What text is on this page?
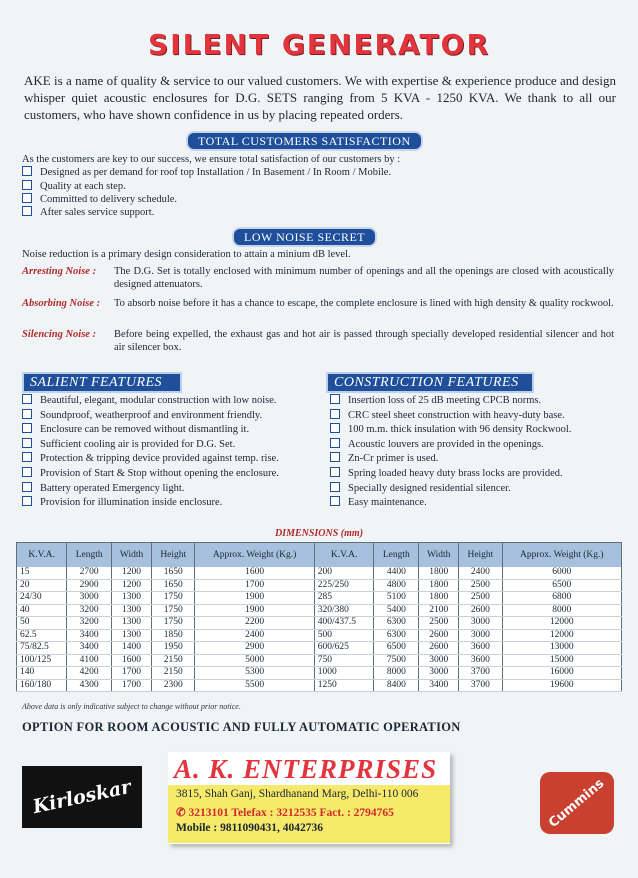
SILENT GENERATOR
AKE is a name of quality & service to our valued customers. We with expertise & experience produce and design whisper quiet acoustic enclosures for D.G. SETS ranging from 5 KVA - 1250 KVA. We thank to all our customers, who have shown confidence in us by placing repeated orders.
TOTAL CUSTOMERS SATISFACTION
As the customers are key to our success, we ensure total satisfaction of our customers by :
Designed as per demand for roof top Installation / In Basement / In Room / Mobile.
Quality at each step.
Committed to delivery schedule.
After sales service support.
LOW NOISE SECRET
Noise reduction is a primary design consideration to attain a minium dB level.
Arresting Noise : The D.G. Set is totally enclosed with minimum number of openings and all the openings are closed with acoustically designed attenuators.
Absorbing Noise : To absorb noise before it has a chance to escape, the complete enclosure is lined with high density & quality rockwool.
Silencing Noise : Before being expelled, the exhaust gas and hot air is passed through specially developed residential silencer and hot air silencer box.
SALIENT FEATURES	CONSTRUCTION FEATURES
Beautiful, elegant, modular construction with low noise.
Soundproof, weatherproof and environment friendly.
Enclosure can be removed without dismantling it.
Sufficient cooling air is provided for D.G. Set.
Protection & tripping device provided against temp. rise.
Provision of Start & Stop without opening the enclosure.
Battery operated Emergency light.
Provision for illumination inside enclosure.
Insertion loss of 25 dB meeting CPCB norms.
CRC steel sheet construction with heavy-duty base.
100 m.m. thick insulation with 96 density Rockwool.
Acoustic louvers are provided in the openings.
Zn-Cr primer is used.
Spring loaded heavy duty brass locks are provided.
Specially designed residential silencer.
Easy maintenance.
DIMENSIONS (mm)
K.V.A.	Length	Width	Height	Approx. Weight (Kg.)	K.V.A.	Length	Width	Height	Approx. Weight (Kg.)
15	2700	1200	1650	1600	200	4400	1800	2400	6000
20	2900	1200	1650	1700	225/250	4800	1800	2500	6500
24/30	3000	1300	1750	1900	285	5100	1800	2500	6800
40	3200	1300	1750	1900	320/380	5400	2100	2600	8000
50	3200	1300	1750	2200	400/437.5	6300	2500	3000	12000
62.5	3400	1300	1850	2400	500	6300	2600	3000	12000
75/82.5	3400	1400	1950	2900	600/625	6500	2600	3600	13000
100/125	4100	1600	2150	5000	750	7500	3000	3600	15000
140	4200	1700	2150	5300	1000	8000	3000	3700	16000
160/180	4300	1700	2300	5500	1250	8400	3400	3700	19600
Above data is only indicative subject to change without prior notice.
OPTION FOR ROOM ACOUSTIC AND FULLY AUTOMATIC OPERATION
Kirloskar
A. K. ENTERPRISES
3815, Shah Ganj, Shardhanand Marg, Delhi-110 006
✆ 3213101 Telefax : 3212535 Fact. : 2794765
Mobile : 9811090431, 4042736	Cummins
